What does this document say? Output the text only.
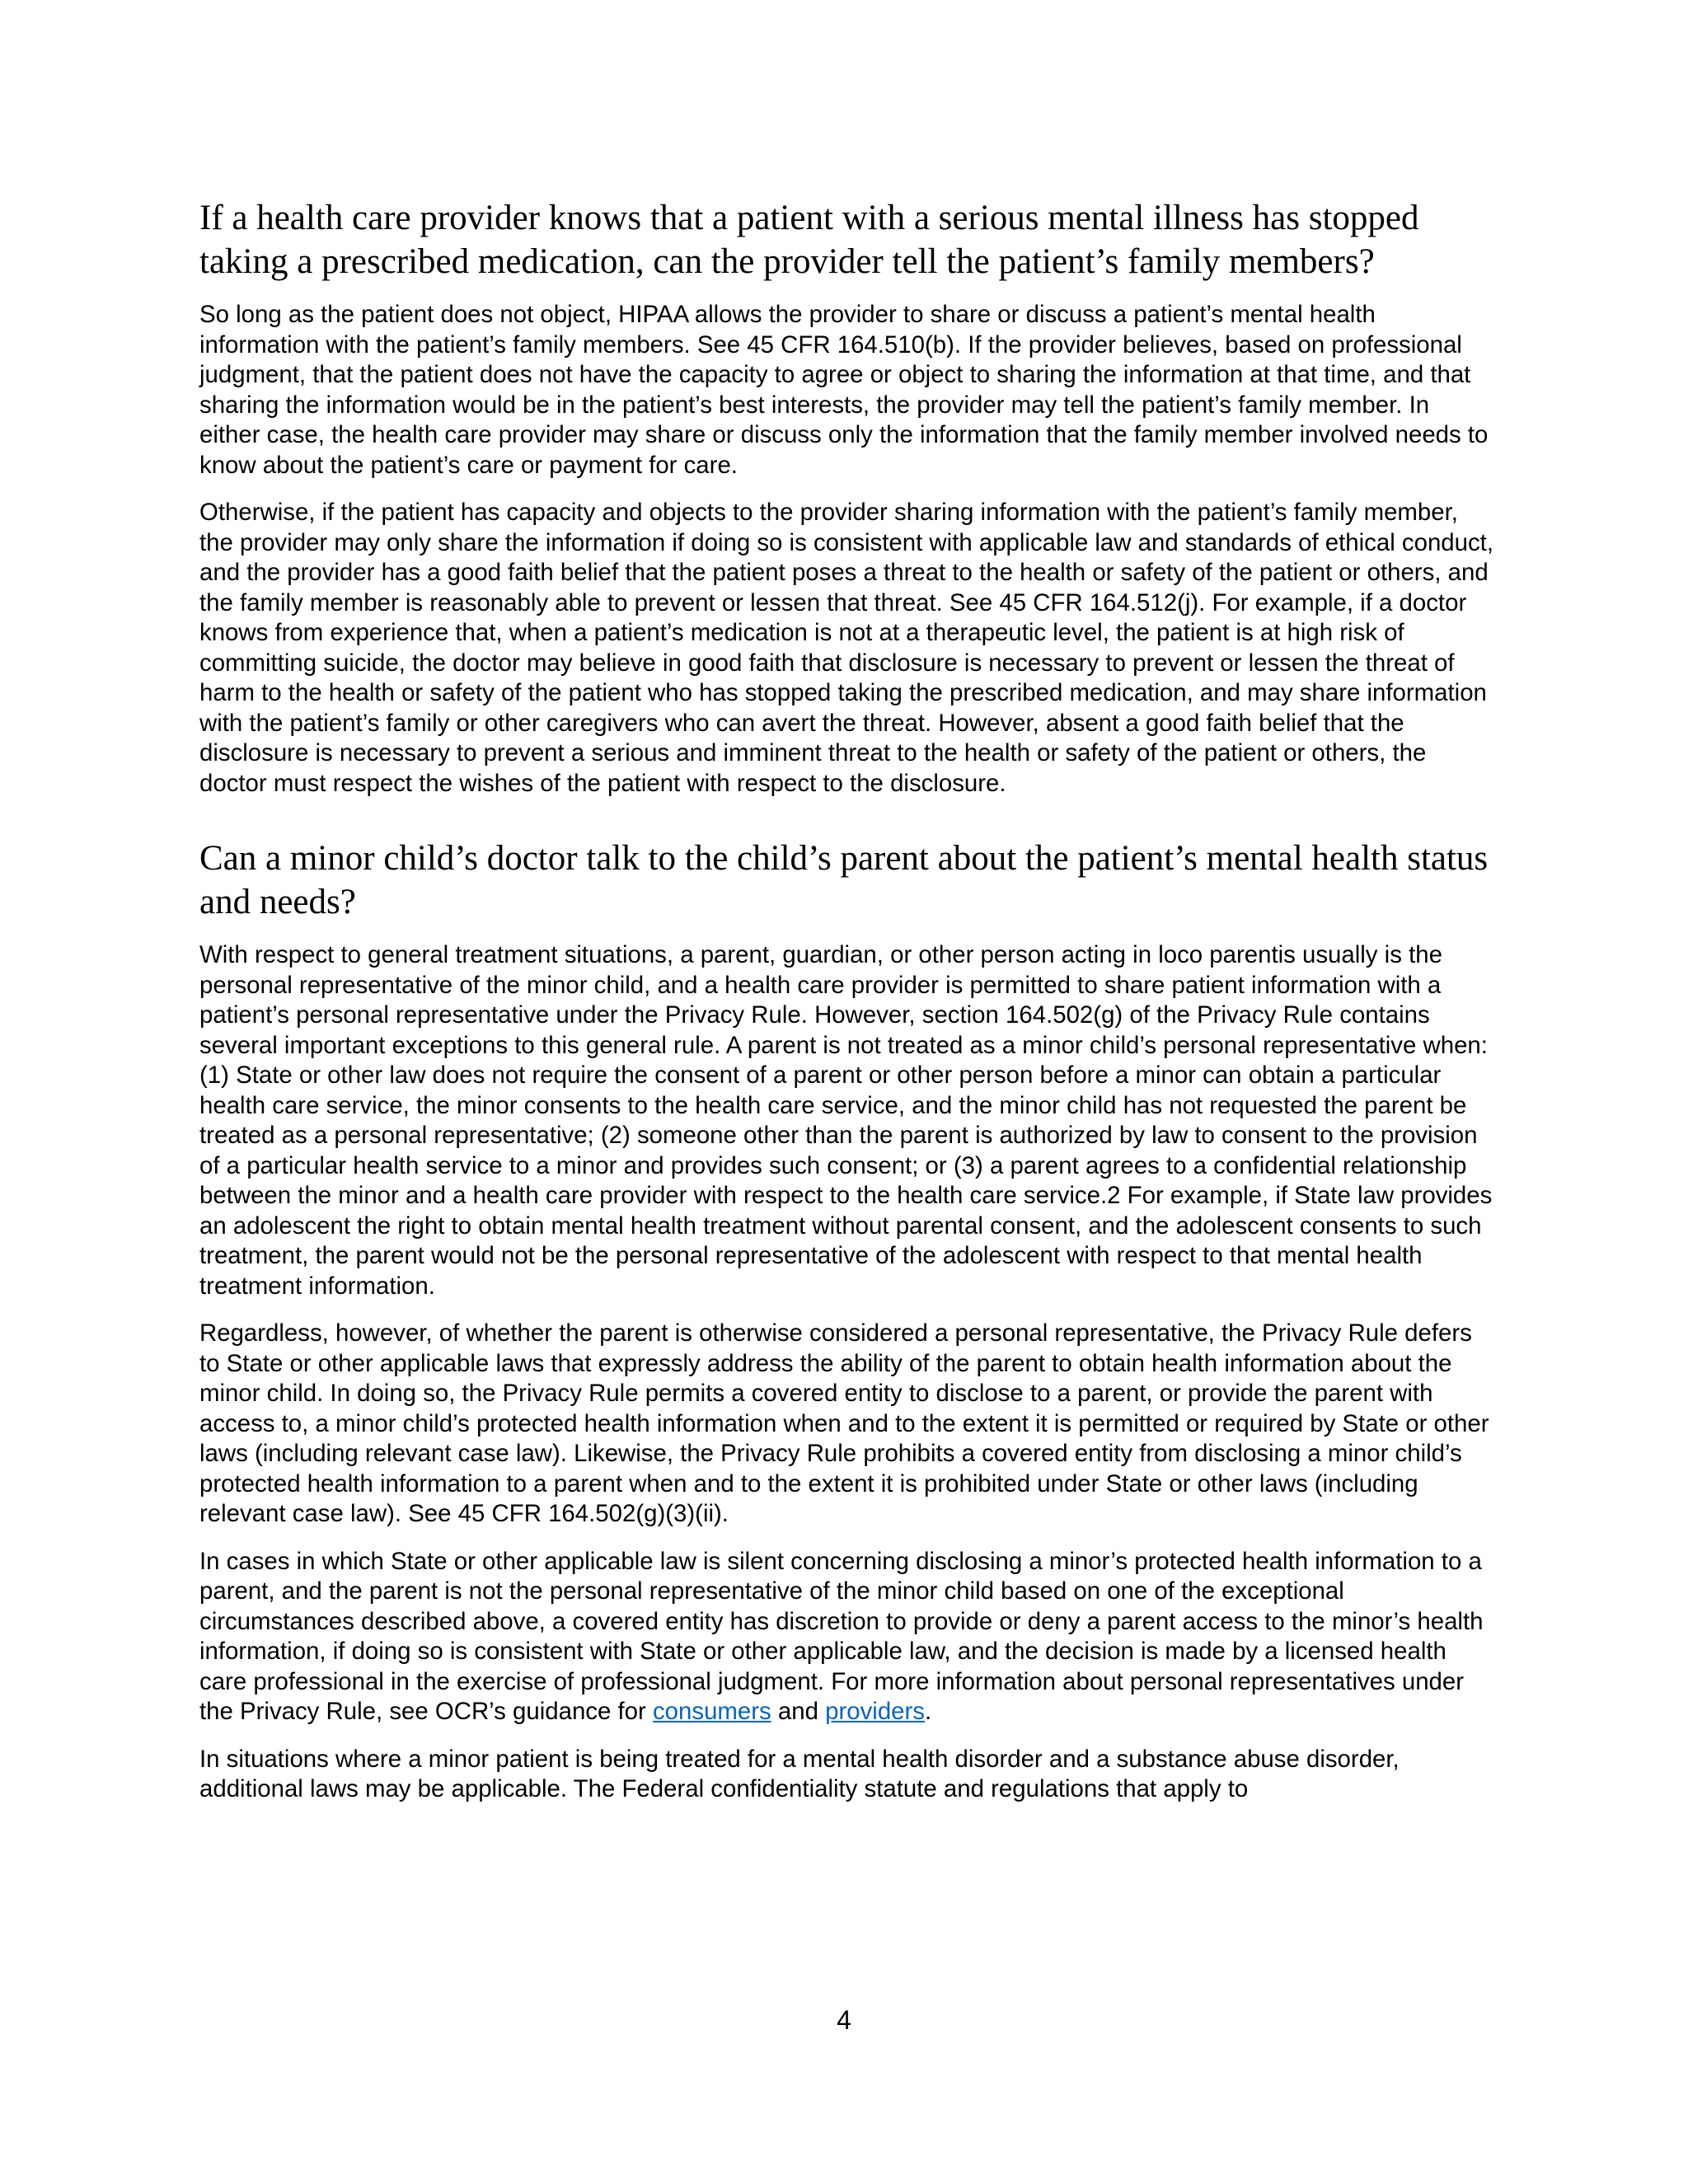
If a health care provider knows that a patient with a serious mental illness has stopped taking a prescribed medication, can the provider tell the patient’s family members?

So long as the patient does not object, HIPAA allows the provider to share or discuss a patient’s mental health information with the patient’s family members. See 45 CFR 164.510(b). If the provider believes, based on professional judgment, that the patient does not have the capacity to agree or object to sharing the information at that time, and that sharing the information would be in the patient’s best interests, the provider may tell the patient’s family member. In either case, the health care provider may share or discuss only the information that the family member involved needs to know about the patient’s care or payment for care.

Otherwise, if the patient has capacity and objects to the provider sharing information with the patient’s family member, the provider may only share the information if doing so is consistent with applicable law and standards of ethical conduct, and the provider has a good faith belief that the patient poses a threat to the health or safety of the patient or others, and the family member is reasonably able to prevent or lessen that threat. See 45 CFR 164.512(j). For example, if a doctor knows from experience that, when a patient’s medication is not at a therapeutic level, the patient is at high risk of committing suicide, the doctor may believe in good faith that disclosure is necessary to prevent or lessen the threat of harm to the health or safety of the patient who has stopped taking the prescribed medication, and may share information with the patient’s family or other caregivers who can avert the threat. However, absent a good faith belief that the disclosure is necessary to prevent a serious and imminent threat to the health or safety of the patient or others, the doctor must respect the wishes of the patient with respect to the disclosure.

Can a minor child’s doctor talk to the child’s parent about the patient’s mental health status and needs?

With respect to general treatment situations, a parent, guardian, or other person acting in loco parentis usually is the personal representative of the minor child, and a health care provider is permitted to share patient information with a patient’s personal representative under the Privacy Rule. However, section 164.502(g) of the Privacy Rule contains several important exceptions to this general rule. A parent is not treated as a minor child’s personal representative when: (1) State or other law does not require the consent of a parent or other person before a minor can obtain a particular health care service, the minor consents to the health care service, and the minor child has not requested the parent be treated as a personal representative; (2) someone other than the parent is authorized by law to consent to the provision of a particular health service to a minor and provides such consent; or (3) a parent agrees to a confidential relationship between the minor and a health care provider with respect to the health care service.2 For example, if State law provides an adolescent the right to obtain mental health treatment without parental consent, and the adolescent consents to such treatment, the parent would not be the personal representative of the adolescent with respect to that mental health treatment information.

Regardless, however, of whether the parent is otherwise considered a personal representative, the Privacy Rule defers to State or other applicable laws that expressly address the ability of the parent to obtain health information about the minor child. In doing so, the Privacy Rule permits a covered entity to disclose to a parent, or provide the parent with access to, a minor child’s protected health information when and to the extent it is permitted or required by State or other laws (including relevant case law). Likewise, the Privacy Rule prohibits a covered entity from disclosing a minor child’s protected health information to a parent when and to the extent it is prohibited under State or other laws (including relevant case law). See 45 CFR 164.502(g)(3)(ii).

In cases in which State or other applicable law is silent concerning disclosing a minor’s protected health information to a parent, and the parent is not the personal representative of the minor child based on one of the exceptional circumstances described above, a covered entity has discretion to provide or deny a parent access to the minor’s health information, if doing so is consistent with State or other applicable law, and the decision is made by a licensed health care professional in the exercise of professional judgment. For more information about personal representatives under the Privacy Rule, see OCR’s guidance for consumers and providers.

In situations where a minor patient is being treated for a mental health disorder and a substance abuse disorder, additional laws may be applicable. The Federal confidentiality statute and regulations that apply to

4
